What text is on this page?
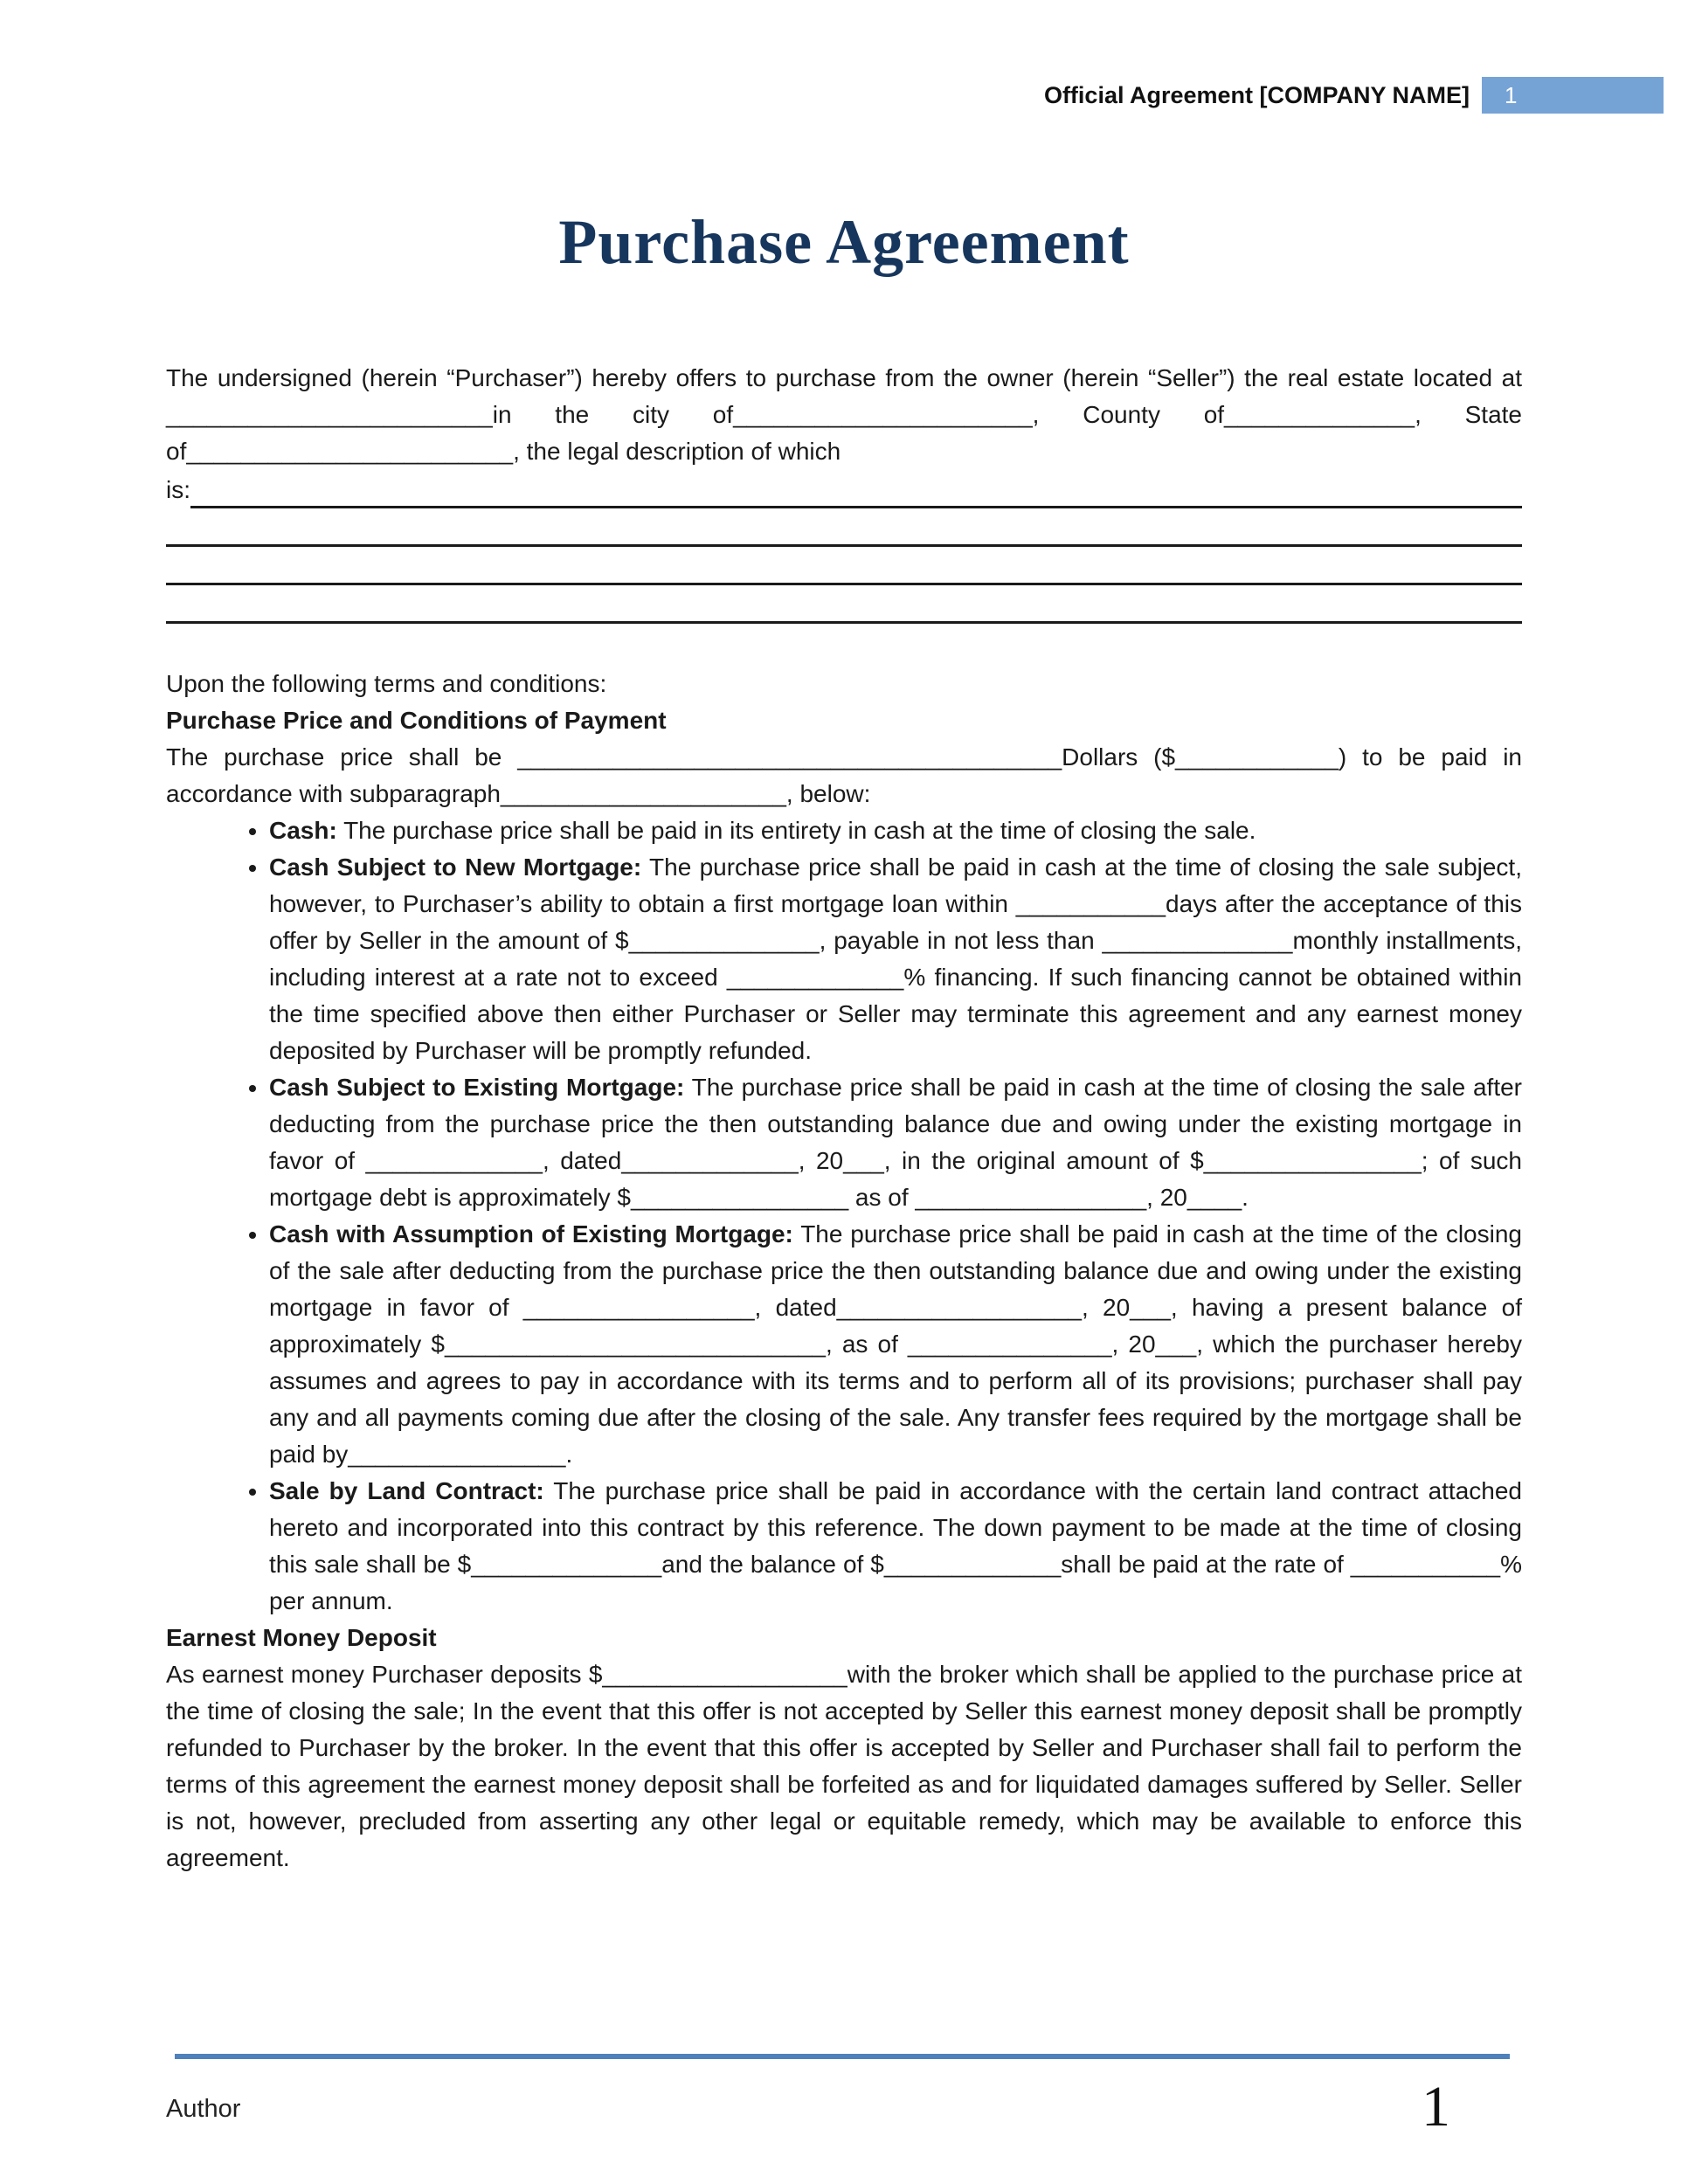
Official Agreement [COMPANY NAME]	1
Purchase Agreement

The undersigned (herein “Purchaser”) hereby offers to purchase from the owner (herein “Seller”) the real estate located at ________________________in the city of______________________, County of______________, State of________________________, the legal description of which

is:

Upon the following terms and conditions:

Purchase Price and Conditions of Payment

The purchase price shall be ________________________________________Dollars ($____________) to be paid in accordance with subparagraph_____________________, below:

• Cash: The purchase price shall be paid in its entirety in cash at the time of closing the sale.
• Cash Subject to New Mortgage: The purchase price shall be paid in cash at the time of closing the sale subject, however, to Purchaser’s ability to obtain a first mortgage loan within ___________days after the acceptance of this offer by Seller in the amount of $______________, payable in not less than ______________monthly installments, including interest at a rate not to exceed _____________% financing. If such financing cannot be obtained within the time specified above then either Purchaser or Seller may terminate this agreement and any earnest money deposited by Purchaser will be promptly refunded.
• Cash Subject to Existing Mortgage: The purchase price shall be paid in cash at the time of closing the sale after deducting from the purchase price the then outstanding balance due and owing under the existing mortgage in favor of _____________, dated_____________, 20___, in the original amount of $________________; of such mortgage debt is approximately $________________ as of _________________, 20____.
• Cash with Assumption of Existing Mortgage: The purchase price shall be paid in cash at the time of the closing of the sale after deducting from the purchase price the then outstanding balance due and owing under the existing mortgage in favor of _________________, dated__________________, 20___, having a present balance of approximately $____________________________, as of _______________, 20___, which the purchaser hereby assumes and agrees to pay in accordance with its terms and to perform all of its provisions; purchaser shall pay any and all payments coming due after the closing of the sale. Any transfer fees required by the mortgage shall be paid by________________.
• Sale by Land Contract: The purchase price shall be paid in accordance with the certain land contract attached hereto and incorporated into this contract by this reference. The down payment to be made at the time of closing this sale shall be $______________and the balance of $_____________shall be paid at the rate of ___________% per annum.

Earnest Money Deposit

As earnest money Purchaser deposits $__________________with the broker which shall be applied to the purchase price at the time of closing the sale; In the event that this offer is not accepted by Seller this earnest money deposit shall be promptly refunded to Purchaser by the broker. In the event that this offer is accepted by Seller and Purchaser shall fail to perform the terms of this agreement the earnest money deposit shall be forfeited as and for liquidated damages suffered by Seller. Seller is not, however, precluded from asserting any other legal or equitable remedy, which may be available to enforce this agreement.

Author	1
